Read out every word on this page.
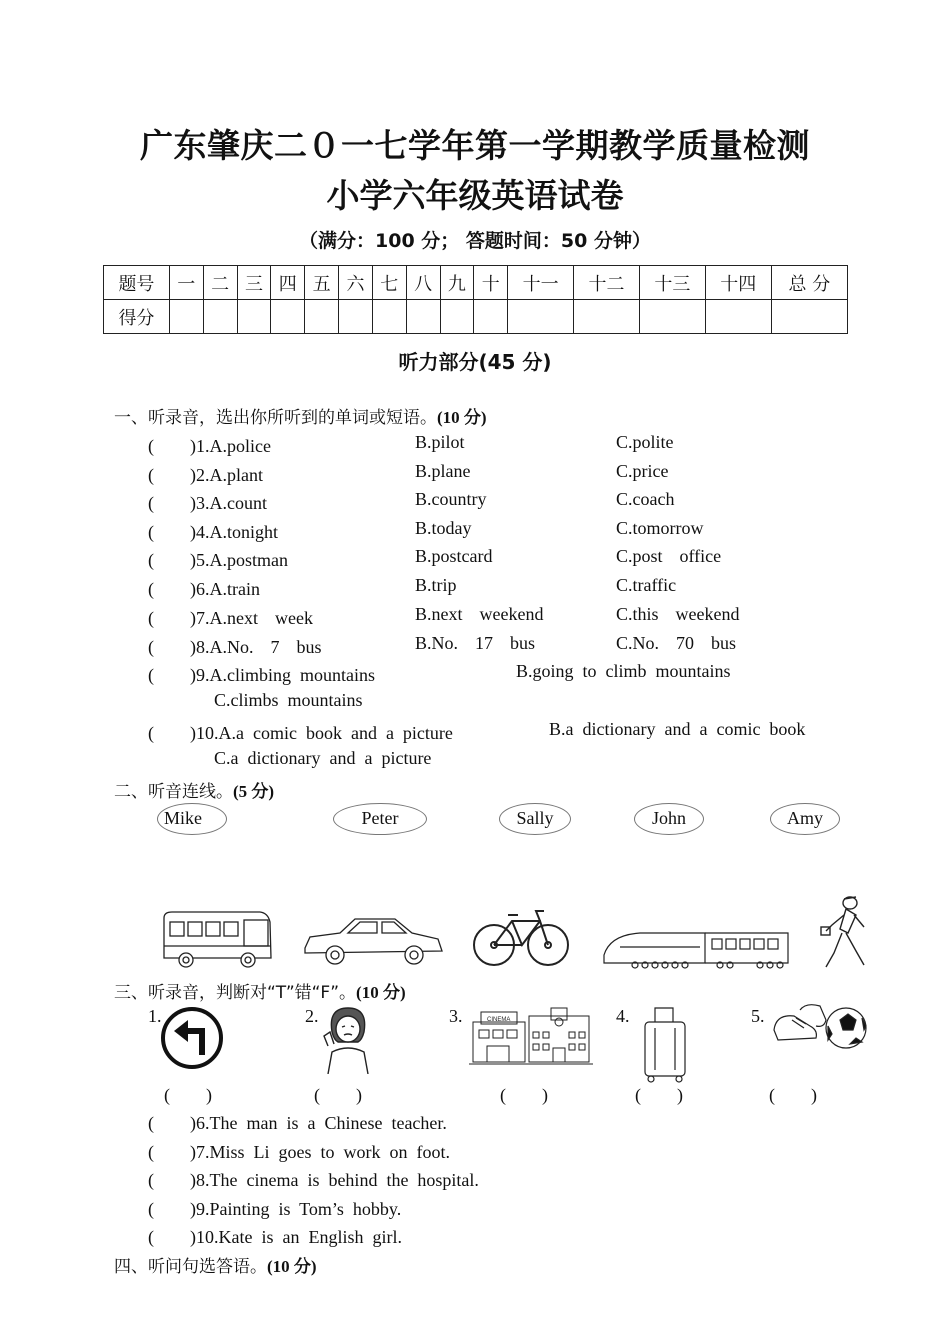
广东肇庆二０一七学年第一学期教学质量检测
小学六年级英语试卷
（满分：100 分； 答题时间：50 分钟）
题号	一	二	三	四	五	六	七	八	九	十	十一	十二	十三	十四	总 分
得分															
听力部分(45 分)
一、听录音，选出你所听到的单词或短语。(10 分)
(　　)1.A.police	B.pilot	C.polite
(　　)2.A.plant	B.plane	C.price
(　　)3.A.count	B.country	C.coach
(　　)4.A.tonight	B.today	C.tomorrow
(　　)5.A.postman	B.postcard	C.post  office
(　　)6.A.train	B.trip	C.traffic
(　　)7.A.next  week	B.next  weekend	C.this  weekend
(　　)8.A.No.  7  bus	B.No.  17  bus	C.No.  70  bus
(　　)9.A.climbing  mountains	B.going  to  climb  mountains
C.climbs  mountains
(　　)10.A.a  comic  book  and  a  picture	B.a  dictionary  and  a  comic  book
C.a  dictionary  and  a  picture
二、听音连线。(5 分)
Mike	Peter	Sally	John	Amy
三、听录音，判断对“T”错“F”。(10 分)
1.	2.	3.	CINEMA	4.	5.
(　　)	(　　)	(　　)	(　　)	(　　)
(　　)6.The  man  is  a  Chinese  teacher.
(　　)7.Miss  Li  goes  to  work  on  foot.
(　　)8.The  cinema  is  behind  the  hospital.
(　　)9.Painting  is  Tom’s  hobby.
(　　)10.Kate  is  an  English  girl.
四、听问句选答语。(10 分)
